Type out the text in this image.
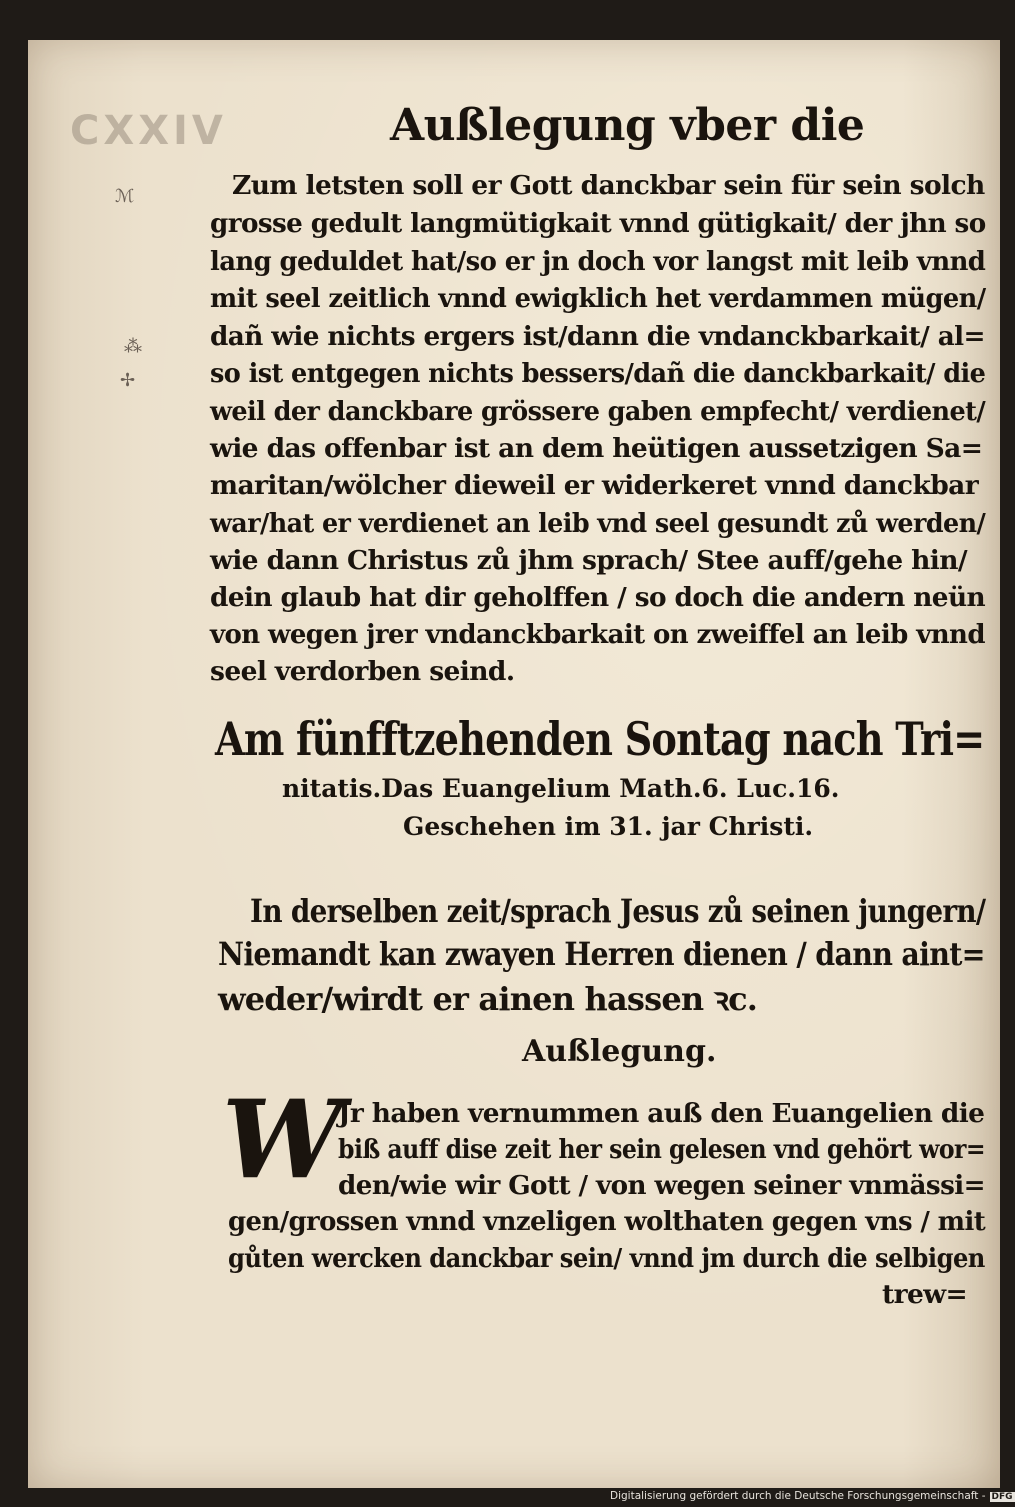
CXXIV	Außlegung vber die
ℳ
⁂
✢
Zum letsten soll er Gott danckbar sein für sein solch
grosse gedult langmütigkait vnnd gütigkait/ der jhn so
lang geduldet hat/so er jn doch vor langst mit leib vnnd
mit seel zeitlich vnnd ewigklich het verdammen mügen/
dañ wie nichts ergers ist/dann die vndanckbarkait/ al=
so ist entgegen nichts bessers/dañ die danckbarkait/ die
weil der danckbare grössere gaben empfecht/ verdienet/
wie das offenbar ist an dem heütigen aussetzigen Sa=
maritan/wölcher dieweil er widerkeret vnnd danckbar
war/hat er verdienet an leib vnd seel gesundt zů werden/
wie dann Christus zů jhm sprach/ Stee auff/gehe hin/
dein glaub hat dir geholffen / so doch die andern neün
von wegen jrer vndanckbarkait on zweiffel an leib vnnd
seel verdorben seind.
Am fünfftzehenden Sontag nach Tri=
nitatis.Das Euangelium Math.6. Luc.16.
Geschehen im 31. jar Christi.
In derselben zeit/sprach Jesus zů seinen jungern/
Niemandt kan zwayen Herren dienen / dann aint=
weder/wirdt er ainen hassen ꝛc.
Außlegung.
W
Jr haben vernummen auß den Euangelien die
biß auff dise zeit her sein gelesen vnd gehört wor=
den/wie wir Gott / von wegen seiner vnmässi=
gen/grossen vnnd vnzeligen wolthaten gegen vns / mit
gůten wercken danckbar sein/ vnnd jm durch die selbigen
trew=
Digitalisierung gefördert durch die Deutsche Forschungsgemeinschaft - DFG
